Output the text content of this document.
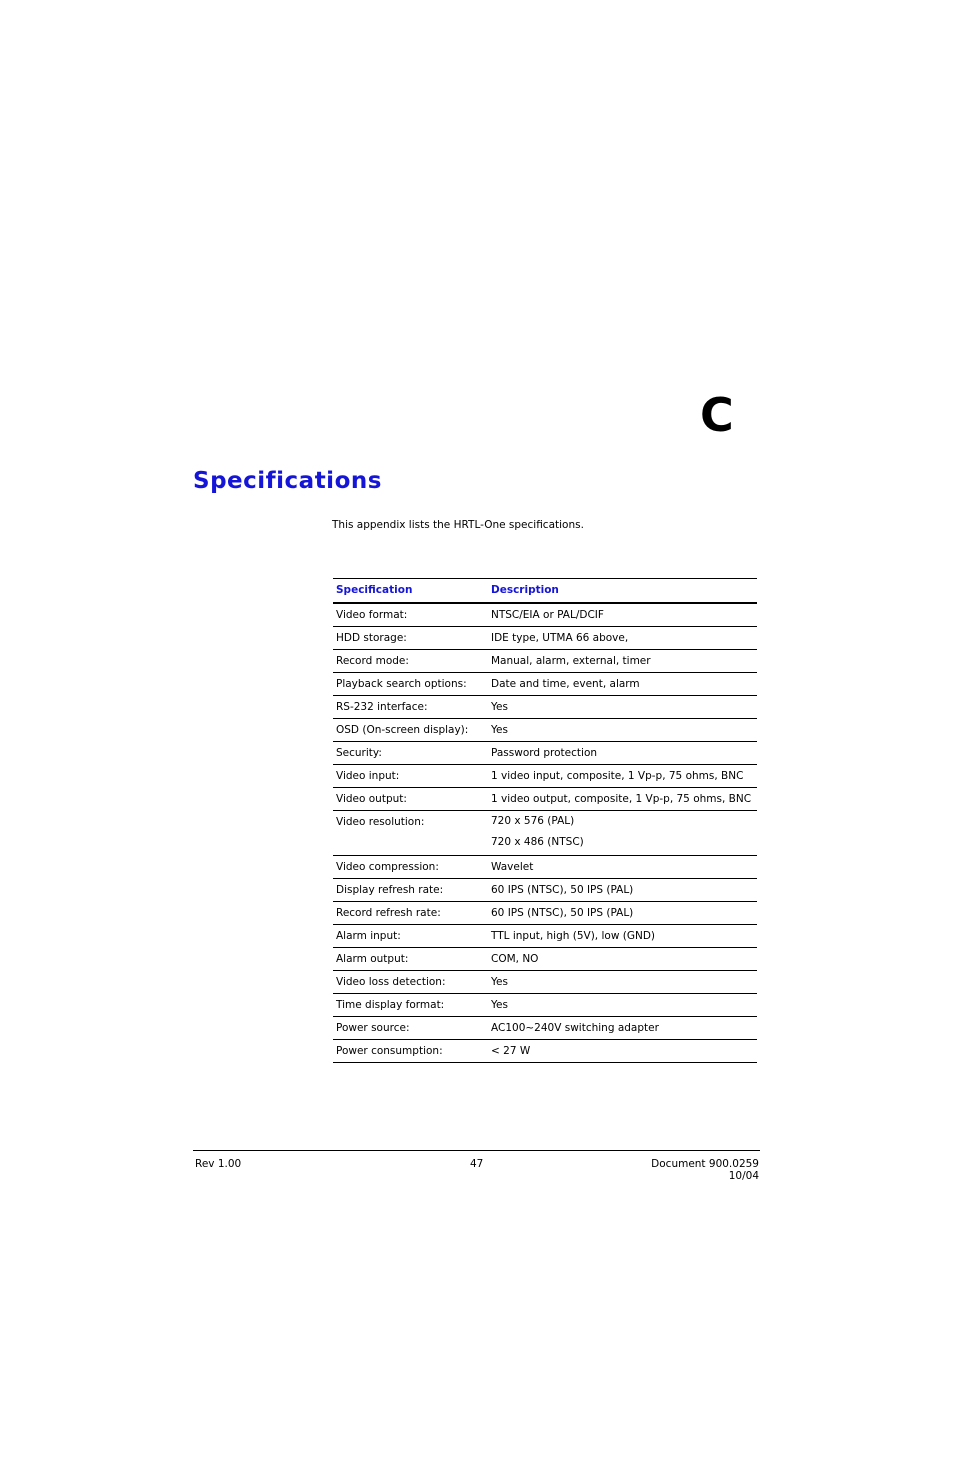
C
Specifications

This appendix lists the HRTL-One specifications.

Specification	Description
Video format:	NTSC/EIA or PAL/DCIF
HDD storage:	IDE type, UTMA 66 above,
Record mode:	Manual, alarm, external, timer
Playback search options:	Date and time, event, alarm
RS-232 interface:	Yes
OSD (On-screen display):	Yes
Security:	Password protection
Video input:	1 video input, composite, 1 Vp-p, 75 ohms, BNC
Video output:	1 video output, composite, 1 Vp-p, 75 ohms, BNC
Video resolution:	720 x 576 (PAL)
720 x 486 (NTSC)

Video compression:	Wavelet
Display refresh rate:	60 IPS (NTSC), 50 IPS (PAL)
Record refresh rate:	60 IPS (NTSC), 50 IPS (PAL)
Alarm input:	TTL input, high (5V), low (GND)
Alarm output:	COM, NO
Video loss detection:	Yes
Time display format:	Yes
Power source:	AC100~240V switching adapter
Power consumption:	< 27 W
Rev 1.00	47	Document 900.0259
10/04
